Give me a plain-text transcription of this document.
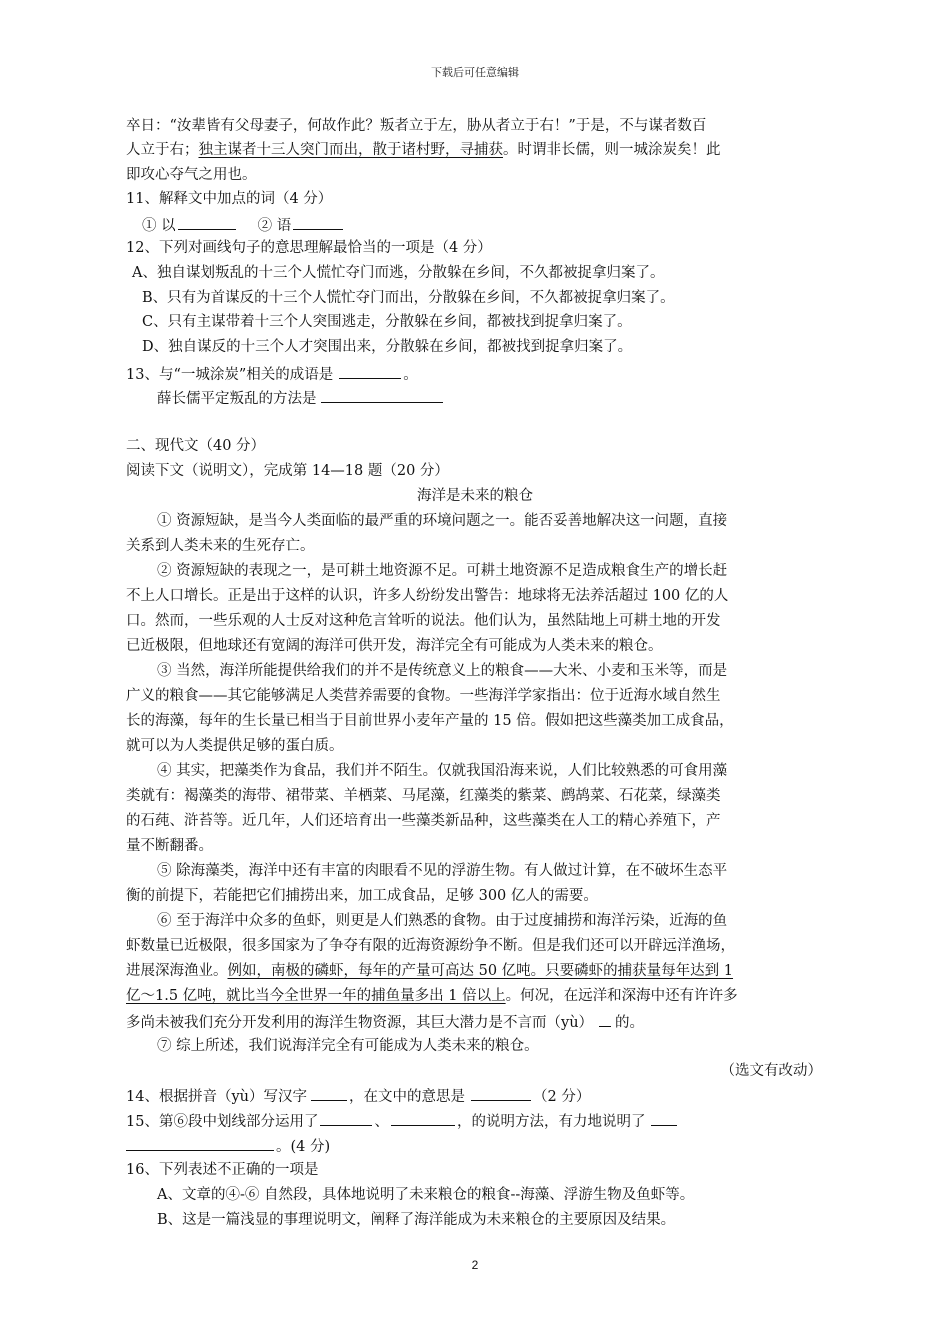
下载后可任意编辑
卒日：“汝辈皆有父母妻子，何故作此？叛者立于左，胁从者立于右！”于是，不与谋者数百
人立于右；独主谋者十三人突门而出，散于诸村野，寻捕获。时谓非长儒，则一城涂炭矣！此
即攻心夺气之用也。
11、解释文中加点的词（4 分）
① 以	② 语
12、下列对画线句子的意思理解最恰当的一项是（4 分）
A、独自谋划叛乱的十三个人慌忙夺门而逃，分散躲在乡间，不久都被捉拿归案了。
B、只有为首谋反的十三个人慌忙夺门而出，分散躲在乡间，不久都被捉拿归案了。
C、只有主谋带着十三个人突围逃走，分散躲在乡间，都被找到捉拿归案了。
D、独自谋反的十三个人才突围出来，分散躲在乡间，都被找到捉拿归案了。
13、与“一城涂炭”相关的成语是	。
薛长儒平定叛乱的方法是
二、现代文（40 分）
阅读下文（说明文），完成第 14—18 题（20 分）
海洋是未来的粮仓
① 资源短缺，是当今人类面临的最严重的环境问题之一。能否妥善地解决这一问题，直接
关系到人类未来的生死存亡。
② 资源短缺的表现之一，是可耕土地资源不足。可耕土地资源不足造成粮食生产的增长赶
不上人口增长。正是出于这样的认识，许多人纷纷发出警告：地球将无法养活超过 100 亿的人
口。然而，一些乐观的人士反对这种危言耸听的说法。他们认为，虽然陆地上可耕土地的开发
已近极限，但地球还有宽阔的海洋可供开发，海洋完全有可能成为人类未来的粮仓。
③ 当然，海洋所能提供给我们的并不是传统意义上的粮食——大米、小麦和玉米等，而是
广义的粮食——其它能够满足人类营养需要的食物。一些海洋学家指出：位于近海水域自然生
长的海藻，每年的生长量已相当于目前世界小麦年产量的 15 倍。假如把这些藻类加工成食品，
就可以为人类提供足够的蛋白质。
④ 其实，把藻类作为食品，我们并不陌生。仅就我国沿海来说，人们比较熟悉的可食用藻
类就有：褐藻类的海带、裙带菜、羊栖菜、马尾藻，红藻类的紫菜、鹧鸪菜、石花菜，绿藻类
的石莼、浒苔等。近几年，人们还培育出一些藻类新品种，这些藻类在人工的精心养殖下，产
量不断翻番。
⑤ 除海藻类，海洋中还有丰富的肉眼看不见的浮游生物。有人做过计算，在不破坏生态平
衡的前提下，若能把它们捕捞出来，加工成食品，足够 300 亿人的需要。
⑥ 至于海洋中众多的鱼虾，则更是人们熟悉的食物。由于过度捕捞和海洋污染，近海的鱼
虾数量已近极限，很多国家为了争夺有限的近海资源纷争不断。但是我们还可以开辟远洋渔场，
进展深海渔业。例如，南极的磷虾，每年的产量可高达 50 亿吨。只要磷虾的捕获量每年达到 1
亿～1.5 亿吨，就比当今全世界一年的捕鱼量多出 1 倍以上。何况，在远洋和深海中还有许许多
多尚未被我们充分开发利用的海洋生物资源，其巨大潜力是不言而（yù） 的。
⑦ 综上所述，我们说海洋完全有可能成为人类未来的粮仓。
（选文有改动）
14、根据拼音（yù）写汉字	，在文中的意思是	（2 分）
15、第⑥段中划线部分运用了	、	，的说明方法，有力地说明了
。(4 分)
16、下列表述不正确的一项是
A、文章的④-⑥ 自然段，具体地说明了未来粮仓的粮食--海藻、浮游生物及鱼虾等。
B、这是一篇浅显的事理说明文，阐释了海洋能成为未来粮仓的主要原因及结果。
2
